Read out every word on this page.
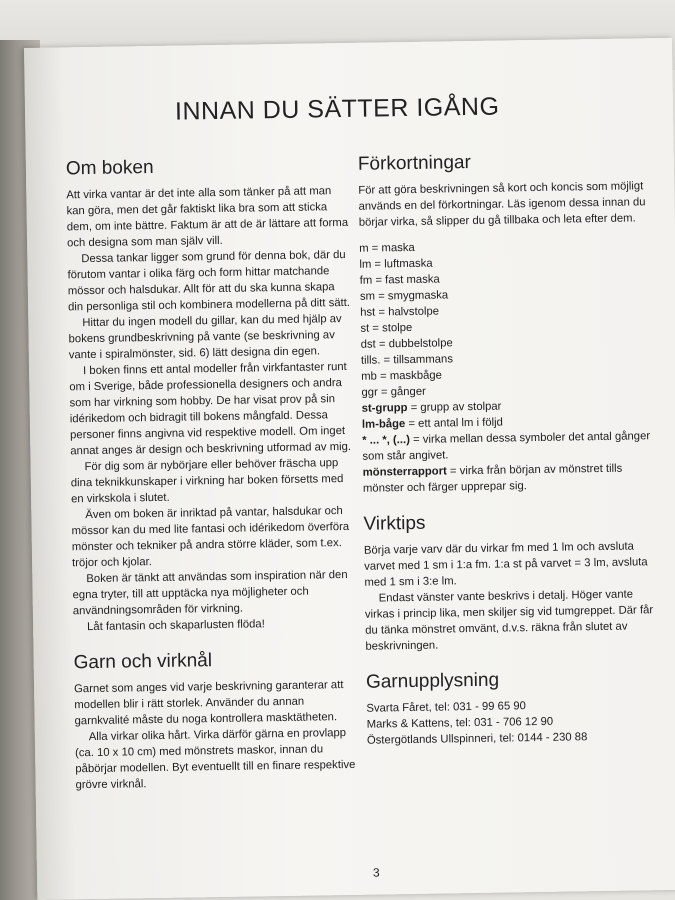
INNAN DU SÄTTER IGÅNG
Om boken

Att virka vantar är det inte alla som tänker på att man kan göra, men det går faktiskt lika bra som att sticka dem, om inte bättre. Faktum är att de är lättare att forma och designa som man själv vill.

Dessa tankar ligger som grund för denna bok, där du förutom vantar i olika färg och form hittar matchande mössor och halsdukar. Allt för att du ska kunna skapa din personliga stil och kombinera modellerna på ditt sätt.

Hittar du ingen modell du gillar, kan du med hjälp av bokens grundbeskrivning på vante (se beskrivning av vante i spiralmönster, sid. 6) lätt designa din egen.

I boken finns ett antal modeller från virkfantaster runt om i Sverige, både professionella designers och andra som har virkning som hobby. De har visat prov på sin idérikedom och bidragit till bokens mångfald. Dessa personer finns angivna vid respektive modell. Om inget annat anges är design och beskrivning utformad av mig.

För dig som är nybörjare eller behöver fräscha upp dina teknikkunskaper i virkning har boken försetts med en virkskola i slutet.

Även om boken är inriktad på vantar, halsdukar och mössor kan du med lite fantasi och idérikedom överföra mönster och tekniker på andra större kläder, som t.ex. tröjor och kjolar.

Boken är tänkt att användas som inspiration när den egna tryter, till att upptäcka nya möjligheter och användningsområden för virkning.

Låt fantasin och skaparlusten flöda!

Garn och virknål

Garnet som anges vid varje beskrivning garanterar att modellen blir i rätt storlek. Använder du annan garnkvalité måste du noga kontrollera masktätheten.

Alla virkar olika hårt. Virka därför gärna en provlapp (ca. 10 x 10 cm) med mönstrets maskor, innan du påbörjar modellen. Byt eventuellt till en finare respektive grövre virknål.

Förkortningar

För att göra beskrivningen så kort och koncis som möjligt används en del förkortningar. Läs igenom dessa innan du börjar virka, så slipper du gå tillbaka och leta efter dem.

m = maska

lm = luftmaska

fm = fast maska

sm = smygmaska

hst = halvstolpe

st = stolpe

dst = dubbelstolpe

tills. = tillsammans

mb = maskbåge

ggr = gånger

st-grupp = grupp av stolpar

lm-båge = ett antal lm i följd

* ... *, (...) = virka mellan dessa symboler det antal gånger som står angivet.

mönsterrapport = virka från början av mönstret tills mönster och färger upprepar sig.

Virktips

Börja varje varv där du virkar fm med 1 lm och avsluta varvet med 1 sm i 1:a fm. 1:a st på varvet = 3 lm, avsluta med 1 sm i 3:e lm.

Endast vänster vante beskrivs i detalj. Höger vante virkas i princip lika, men skiljer sig vid tumgreppet. Där får du tänka mönstret omvänt, d.v.s. räkna från slutet av beskrivningen.

Garnupplysning

Svarta Fåret, tel: 031 - 99 65 90

Marks & Kattens, tel: 031 - 706 12 90

Östergötlands Ullspinneri, tel: 0144 - 230 88

3
